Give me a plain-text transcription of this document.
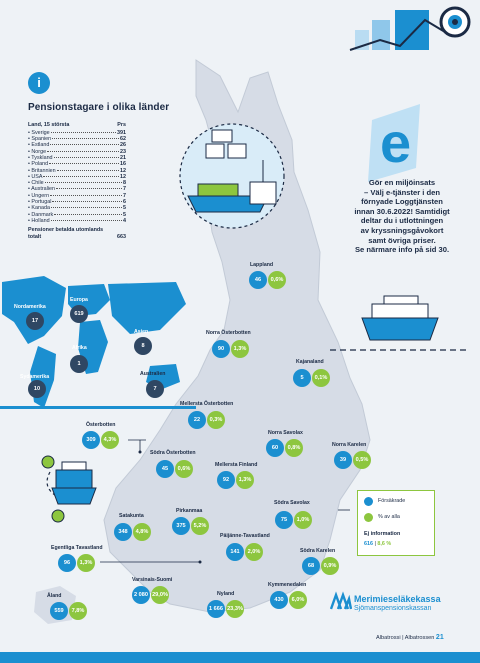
e
i
Pensionstagare i olika länder
Land, 15 största	Prs
• Sverige	391
• Spanien	62
• Estland	26
• Norge	23
• Tyskland	21
• Poland	16
• Britannien	12
• USA	12
• Chile	8
• Australien	7
• Ungern	7
• Portugal	6
• Kanada	5
• Danmark	5
• Holland	4
Pensioner betalda utomlands
totalt	663
Nordamerika
17
Europa
619
Asien
8
Afrika
1
Sydamerika
10
Australien
7
Gör en miljöinsats
– Välj e-tjänster i den
förnyade Loggtjänsten
innan 30.6.2022! Samtidigt
deltar du i utlottningen
av kryssningsgåvokort
samt övriga priser.
Se närmare info på sid 30.
Lappland
46	0,6%
Norra Österbotten
90	1,3%
Kajanaland
5	0,1%
Mellersta Österbotten
22	0,3%
Österbotten
309	4,3%
Norra Savolax
60	0,8%	Norra Karelen
39	0,5%
Södra Österbotten
45	0,6%
Mellersta Finland
92	1,3%
Satakunta
348	4,8%
Pirkanmaa
375	5,2%
Södra Savolax
75	1,0%
Päijänne-Tavastland
141	2,0%
Egentliga Tavastland
96	1,3%
Södra Karelen
68	0,9%
Varsinais-Suomi
2 080 29,0%
Kymmenedalen
430	6,0%
Nyland
1 666 23,3%
Åland
559	7,8%
Försäkrade
% av alla
Ej information
616 | 8,6 %
Merimieseläkekassa
Sjömanspensionskassan
Albatrossi | Albatrossen 21
